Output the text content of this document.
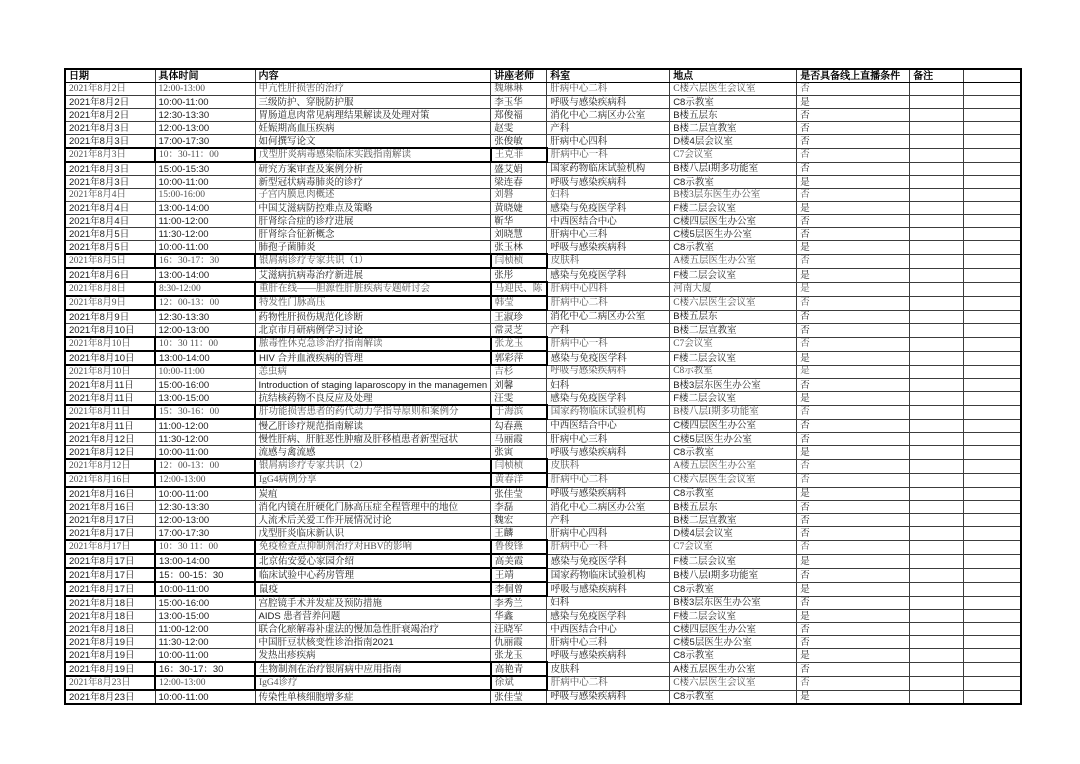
日期	具体时间	内容	讲座老师	科室	地点	是否具备线上直播条件	备注	
2021年8月2日	12:00-13:00	甲亢性肝损害的治疗	魏琳琳	肝病中心二科	C楼六层医生会议室	否		
2021年8月2日	10:00-11:00	三级防护、穿脱防护服	李玉华	呼吸与感染疾病科	C8示教室	是		
2021年8月2日	12:30-13:30	胃肠道息肉常见病理结果解读及处理对策	郑俊福	消化中心二病区办公室	B楼五层东	否		
2021年8月3日	12:00-13:00	妊娠期高血压疾病	赵雯	产科	B楼二层宣教室	否		
2021年8月3日	17:00-17:30	如何撰写论文	张俊敏	肝病中心四科	D楼4层会议室	否		
2021年8月3日	10：30-11：00	戊型肝炎病毒感染临床实践指南解读	王克菲	肝病中心一科	C7会议室	否		
2021年8月3日	15:00-15:30	研究方案审查及案例分析	盛艾娟	国家药物临床试验机构	B楼八层I期多功能室	否		
2021年8月3日	10:00-11:00	新型冠状病毒肺炎的诊疗	梁连春	呼吸与感染疾病科	C8示教室	是		
2021年8月4日	15:00-16:00	子宫内膜息肉概述	刘磐	妇科	B楼3层东医生办公室	否		
2021年8月4日	13:00-14:00	中国艾滋病防控难点及策略	黄晓婕	感染与免疫医学科	F楼二层会议室	是		
2021年8月4日	11:00-12:00	肝肾综合症的诊疗进展	靳华	中西医结合中心	C楼四层医生办公室	否		
2021年8月5日	11:30-12:00	肝肾综合征新概念	刘晓慧	肝病中心三科	C楼5层医生办公室	否		
2021年8月5日	10:00-11:00	肺孢子菌肺炎	张玉林	呼吸与感染疾病科	C8示教室	是		
2021年8月5日	16：30-17：30	银屑病诊疗专家共识（1）	闫桢桢	皮肤科	A楼五层医生办公室	否		
2021年8月6日	13:00-14:00	艾滋病抗病毒治疗新进展	张彤	感染与免疫医学科	F楼二层会议室	是		
2021年8月8日	8:30-12:00	重肝在线——胆源性肝脏疾病专题研讨会	马迎民、陈	肝病中心四科	河南大厦	是		
2021年8月9日	12：00-13：00	特发性门脉高压	韩莹	肝病中心二科	C楼六层医生会议室	否		
2021年8月9日	12:30-13:30	药物性肝损伤规范化诊断	王淑珍	消化中心二病区办公室	B楼五层东	否		
2021年8月10日	12:00-13:00	北京市月研病例学习讨论	常灵芝	产科	B楼二层宣教室	否		
2021年8月10日	10：30 11：00	脓毒性休克急诊治疗指南解读	张龙玉	肝病中心一科	C7会议室	否		
2021年8月10日	13:00-14:00	HIV 合并血液疾病的管理	郭彩萍	感染与免疫医学科	F楼二层会议室	是		
2021年8月10日	10:00-11:00	恙虫病	吉杉	呼吸与感染疾病科	C8示教室	是		
2021年8月11日	15:00-16:00	Introduction of staging laparoscopy in the managemen	刘馨	妇科	B楼3层东医生办公室	否		
2021年8月11日	13:00-15:00	抗结核药物不良反应及处理	汪雯	感染与免疫医学科	F楼二层会议室	是		
2021年8月11日	15：30-16：00	肝功能损害患者的药代动力学指导原则和案例分	于海滨	国家药物临床试验机构	B楼八层I期多功能室	否		
2021年8月11日	11:00-12:00	慢乙肝诊疗规范指南解读	勾春燕	中西医结合中心	C楼四层医生办公室	否		
2021年8月12日	11:30-12:00	慢性肝病、肝脏恶性肿瘤及肝移植患者新型冠状	马丽霞	肝病中心三科	C楼5层医生办公室	否		
2021年8月12日	10:00-11:00	流感与禽流感	张寅	呼吸与感染疾病科	C8示教室	是		
2021年8月12日	12：00-13：00	银屑病诊疗专家共识（2）	闫桢桢	皮肤科	A楼五层医生办公室	否		
2021年8月16日	12:00-13:00	IgG4病例分享	黄春洋	肝病中心二科	C楼六层医生会议室	否		
2021年8月16日	10:00-11:00	炭疽	张佳莹	呼吸与感染疾病科	C8示教室	是		
2021年8月16日	12:30-13:30	消化内镜在肝硬化门脉高压症全程管理中的地位	李磊	消化中心二病区办公室	B楼五层东	否		
2021年8月17日	12:00-13:00	人流术后关爱工作开展情况讨论	魏宏	产科	B楼二层宣教室	否		
2021年8月17日	17:00-17:30	戊型肝炎临床新认识	王麟	肝病中心四科	D楼4层会议室	否		
2021年8月17日	10：30 11：00	免疫检查点抑制剂治疗对HBV的影响	鲁俊锋	肝病中心一科	C7会议室	否		
2021年8月17日	13:00-14:00	北京佑安爱心家园介绍	高美霞	感染与免疫医学科	F楼二层会议室	是		
2021年8月17日	15：00-15：30	临床试验中心药房管理	王靖	国家药物临床试验机构	B楼八层I期多功能室	否		
2021年8月17日	10:00-11:00	鼠疫	李侗曾	呼吸与感染疾病科	C8示教室	是		
2021年8月18日	15:00-16:00	宫腔镜手术并发症及预防措施	李秀兰	妇科	B楼3层东医生办公室	否		
2021年8月18日	13:00-15:00	AIDS 患者营养问题	华鑫	感染与免疫医学科	F楼二层会议室	是		
2021年8月18日	11:00-12:00	联合化瘀解毒补虚法的慢加急性肝衰竭治疗	汪晓军	中西医结合中心	C楼四层医生办公室	否		
2021年8月19日	11:30-12:00	中国肝豆状核变性诊治指南2021	仇丽霞	肝病中心三科	C楼5层医生办公室	否		
2021年8月19日	10:00-11:00	发热出疹疾病	张龙玉	呼吸与感染疾病科	C8示教室	是		
2021年8月19日	16：30-17：30	生物制剂在治疗银屑病中应用指南	高艳青	皮肤科	A楼五层医生办公室	否		
2021年8月23日	12:00-13:00	IgG4诊疗	徐斌	肝病中心二科	C楼六层医生会议室	否		
2021年8月23日	10:00-11:00	传染性单核细胞增多症	张佳莹	呼吸与感染疾病科	C8示教室	是		
